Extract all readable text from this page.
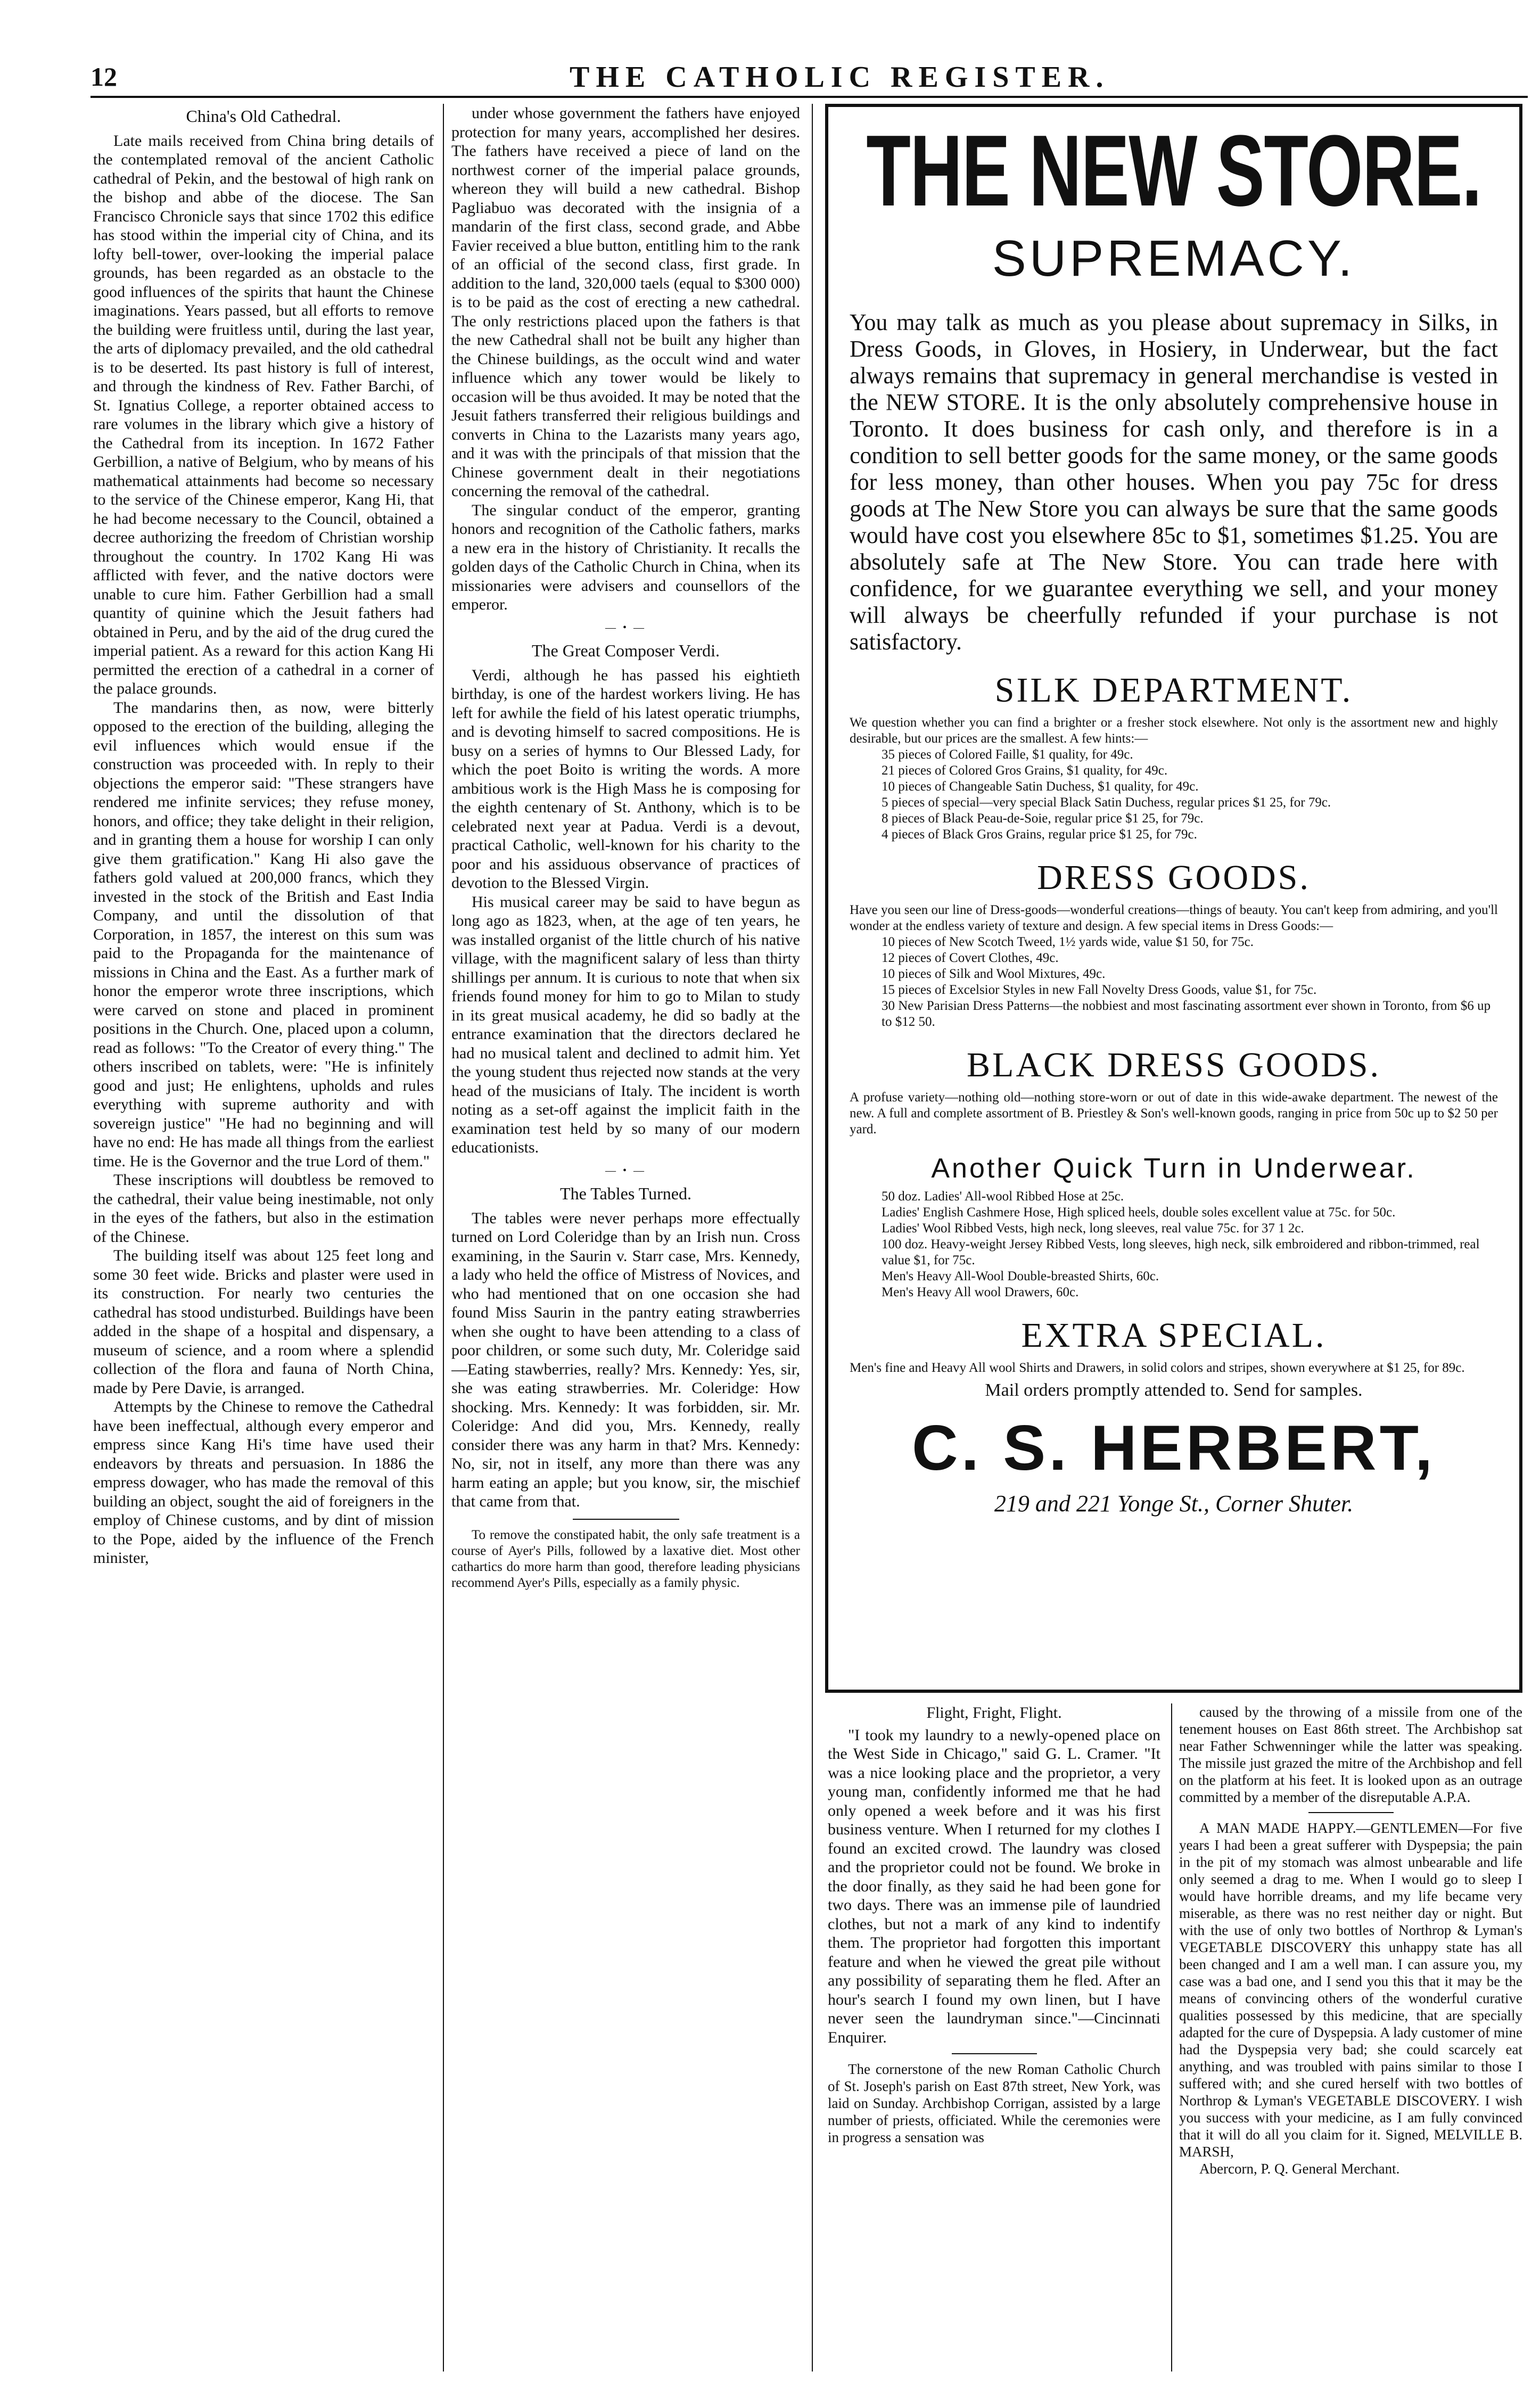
12	THE CATHOLIC REGISTER.
China's Old Cathedral.

Late mails received from China bring details of the contemplated removal of the ancient Catholic cathedral of Pekin, and the bestowal of high rank on the bishop and abbe of the diocese. The San Francisco Chronicle says that since 1702 this edifice has stood within the imperial city of China, and its lofty bell-tower, over-looking the imperial palace grounds, has been regarded as an obstacle to the good influences of the spirits that haunt the Chinese imaginations. Years passed, but all efforts to remove the building were fruitless until, during the last year, the arts of diplomacy prevailed, and the old cathedral is to be deserted. Its past history is full of interest, and through the kindness of Rev. Father Barchi, of St. Ignatius College, a reporter obtained access to rare volumes in the library which give a history of the Cathedral from its inception. In 1672 Father Gerbillion, a native of Belgium, who by means of his mathematical attainments had become so necessary to the service of the Chinese emperor, Kang Hi, that he had become necessary to the Council, obtained a decree authorizing the freedom of Christian worship throughout the country. In 1702 Kang Hi was afflicted with fever, and the native doctors were unable to cure him. Father Gerbillion had a small quantity of quinine which the Jesuit fathers had obtained in Peru, and by the aid of the drug cured the imperial patient. As a reward for this action Kang Hi permitted the erection of a cathedral in a corner of the palace grounds.

The mandarins then, as now, were bitterly opposed to the erection of the building, alleging the evil influences which would ensue if the construction was proceeded with. In reply to their objections the emperor said: "These strangers have rendered me infinite services; they refuse money, honors, and office; they take delight in their religion, and in granting them a house for worship I can only give them gratification." Kang Hi also gave the fathers gold valued at 200,000 francs, which they invested in the stock of the British and East India Company, and until the dissolution of that Corporation, in 1857, the interest on this sum was paid to the Propaganda for the maintenance of missions in China and the East. As a further mark of honor the emperor wrote three inscriptions, which were carved on stone and placed in prominent positions in the Church. One, placed upon a column, read as follows: "To the Creator of every thing." The others inscribed on tablets, were: "He is infinitely good and just; He enlightens, upholds and rules everything with supreme authority and with sovereign justice" "He had no beginning and will have no end: He has made all things from the earliest time. He is the Governor and the true Lord of them."

These inscriptions will doubtless be removed to the cathedral, their value being inestimable, not only in the eyes of the fathers, but also in the estimation of the Chinese.

The building itself was about 125 feet long and some 30 feet wide. Bricks and plaster were used in its construction. For nearly two centuries the cathedral has stood undisturbed. Buildings have been added in the shape of a hospital and dispensary, a museum of science, and a room where a splendid collection of the flora and fauna of North China, made by Pere Davie, is arranged.

Attempts by the Chinese to remove the Cathedral have been ineffectual, although every emperor and empress since Kang Hi's time have used their endeavors by threats and persuasion. In 1886 the empress dowager, who has made the removal of this building an object, sought the aid of foreigners in the employ of Chinese customs, and by dint of mission to the Pope, aided by the influence of the French minister,

under whose government the fathers have enjoyed protection for many years, accomplished her desires. The fathers have received a piece of land on the northwest corner of the imperial palace grounds, whereon they will build a new cathedral. Bishop Pagliabuo was decorated with the insignia of a mandarin of the first class, second grade, and Abbe Favier received a blue button, entitling him to the rank of an official of the second class, first grade. In addition to the land, 320,000 taels (equal to $300 000) is to be paid as the cost of erecting a new cathedral. The only restrictions placed upon the fathers is that the new Cathedral shall not be built any higher than the Chinese buildings, as the occult wind and water influence which any tower would be likely to occasion will be thus avoided. It may be noted that the Jesuit fathers transferred their religious buildings and converts in China to the Lazarists many years ago, and it was with the principals of that mission that the Chinese government dealt in their negotiations concerning the removal of the cathedral.

The singular conduct of the emperor, granting honors and recognition of the Catholic fathers, marks a new era in the history of Christianity. It recalls the golden days of the Catholic Church in China, when its missionaries were advisers and counsellors of the emperor.

— • —
The Great Composer Verdi.

Verdi, although he has passed his eightieth birthday, is one of the hardest workers living. He has left for awhile the field of his latest operatic triumphs, and is devoting himself to sacred compositions. He is busy on a series of hymns to Our Blessed Lady, for which the poet Boito is writing the words. A more ambitious work is the High Mass he is composing for the eighth centenary of St. Anthony, which is to be celebrated next year at Padua. Verdi is a devout, practical Catholic, well-known for his charity to the poor and his assiduous observance of practices of devotion to the Blessed Virgin.

His musical career may be said to have begun as long ago as 1823, when, at the age of ten years, he was installed organist of the little church of his native village, with the magnificent salary of less than thirty shillings per annum. It is curious to note that when six friends found money for him to go to Milan to study in its great musical academy, he did so badly at the entrance examination that the directors declared he had no musical talent and declined to admit him. Yet the young student thus rejected now stands at the very head of the musicians of Italy. The incident is worth noting as a set-off against the implicit faith in the examination test held by so many of our modern educationists.

— • —
The Tables Turned.

The tables were never perhaps more effectually turned on Lord Coleridge than by an Irish nun. Cross examining, in the Saurin v. Starr case, Mrs. Kennedy, a lady who held the office of Mistress of Novices, and who had mentioned that on one occasion she had found Miss Saurin in the pantry eating strawberries when she ought to have been attending to a class of poor children, or some such duty, Mr. Coleridge said—Eating stawberries, really? Mrs. Kennedy: Yes, sir, she was eating strawberries. Mr. Coleridge: How shocking. Mrs. Kennedy: It was forbidden, sir. Mr. Coleridge: And did you, Mrs. Kennedy, really consider there was any harm in that? Mrs. Kennedy: No, sir, not in itself, any more than there was any harm eating an apple; but you know, sir, the mischief that came from that.

To remove the constipated habit, the only safe treatment is a course of Ayer's Pills, followed by a laxative diet. Most other cathartics do more harm than good, therefore leading physicians recommend Ayer's Pills, especially as a family physic.

THE NEW STORE.
SUPREMACY.
You may talk as much as you please about supremacy in Silks, in Dress Goods, in Gloves, in Hosiery, in Underwear, but the fact always remains that supremacy in general merchandise is vested in the NEW STORE. It is the only absolutely comprehensive house in Toronto. It does business for cash only, and therefore is in a condition to sell better goods for the same money, or the same goods for less money, than other houses. When you pay 75c for dress goods at The New Store you can always be sure that the same goods would have cost you elsewhere 85c to $1, sometimes $1.25. You are absolutely safe at The New Store. You can trade here with confidence, for we guarantee everything we sell, and your money will always be cheerfully refunded if your purchase is not satisfactory.
SILK DEPARTMENT.
We question whether you can find a brighter or a fresher stock elsewhere. Not only is the assortment new and highly desirable, but our prices are the smallest. A few hints:—
35 pieces of Colored Faille, $1 quality, for 49c.
21 pieces of Colored Gros Grains, $1 quality, for 49c.
10 pieces of Changeable Satin Duchess, $1 quality, for 49c.
5 pieces of special—very special Black Satin Duchess, regular prices $1 25, for 79c.
8 pieces of Black Peau-de-Soie, regular price $1 25, for 79c.
4 pieces of Black Gros Grains, regular price $1 25, for 79c.
DRESS GOODS.
Have you seen our line of Dress-goods—wonderful creations—things of beauty. You can't keep from admiring, and you'll wonder at the endless variety of texture and design. A few special items in Dress Goods:—
10 pieces of New Scotch Tweed, 1½ yards wide, value $1 50, for 75c.
12 pieces of Covert Clothes, 49c.
10 pieces of Silk and Wool Mixtures, 49c.
15 pieces of Excelsior Styles in new Fall Novelty Dress Goods, value $1, for 75c.
30 New Parisian Dress Patterns—the nobbiest and most fascinating assortment ever shown in Toronto, from $6 up to $12 50.
BLACK DRESS GOODS.
A profuse variety—nothing old—nothing store-worn or out of date in this wide-awake department. The newest of the new. A full and complete assortment of B. Priestley & Son's well-known goods, ranging in price from 50c up to $2 50 per yard.
Another Quick Turn in Underwear.
50 doz. Ladies' All-wool Ribbed Hose at 25c.
Ladies' English Cashmere Hose, High spliced heels, double soles excellent value at 75c. for 50c.
Ladies' Wool Ribbed Vests, high neck, long sleeves, real value 75c. for 37 1 2c.
100 doz. Heavy-weight Jersey Ribbed Vests, long sleeves, high neck, silk embroidered and ribbon-trimmed, real value $1, for 75c.
Men's Heavy All-Wool Double-breasted Shirts, 60c.
Men's Heavy All wool Drawers, 60c.
EXTRA SPECIAL.
Men's fine and Heavy All wool Shirts and Drawers, in solid colors and stripes, shown everywhere at $1 25, for 89c.
Mail orders promptly attended to. Send for samples.
C. S. HERBERT,
219 and 221 Yonge St., Corner Shuter.
Flight, Fright, Flight.

"I took my laundry to a newly-opened place on the West Side in Chicago," said G. L. Cramer. "It was a nice looking place and the proprietor, a very young man, confidently informed me that he had only opened a week before and it was his first business venture. When I returned for my clothes I found an excited crowd. The laundry was closed and the proprietor could not be found. We broke in the door finally, as they said he had been gone for two days. There was an immense pile of laundried clothes, but not a mark of any kind to indentify them. The proprietor had forgotten this important feature and when he viewed the great pile without any possibility of separating them he fled. After an hour's search I found my own linen, but I have never seen the laundryman since."—Cincinnati Enquirer.

The cornerstone of the new Roman Catholic Church of St. Joseph's parish on East 87th street, New York, was laid on Sunday. Archbishop Corrigan, assisted by a large number of priests, officiated. While the ceremonies were in progress a sensation was

caused by the throwing of a missile from one of the tenement houses on East 86th street. The Archbishop sat near Father Schwenninger while the latter was speaking. The missile just grazed the mitre of the Archbishop and fell on the platform at his feet. It is looked upon as an outrage committed by a member of the disreputable A.P.A.

A MAN MADE HAPPY.—GENTLEMEN—For five years I had been a great sufferer with Dyspepsia; the pain in the pit of my stomach was almost unbearable and life only seemed a drag to me. When I would go to sleep I would have horrible dreams, and my life became very miserable, as there was no rest neither day or night. But with the use of only two bottles of Northrop & Lyman's VEGETABLE DISCOVERY this unhappy state has all been changed and I am a well man. I can assure you, my case was a bad one, and I send you this that it may be the means of convincing others of the wonderful curative qualities possessed by this medicine, that are specially adapted for the cure of Dyspepsia. A lady customer of mine had the Dyspepsia very bad; she could scarcely eat anything, and was troubled with pains similar to those I suffered with; and she cured herself with two bottles of Northrop & Lyman's VEGETABLE DISCOVERY. I wish you success with your medicine, as I am fully convinced that it will do all you claim for it. Signed, MELVILLE B. MARSH,

Abercorn, P. Q. General Merchant.
